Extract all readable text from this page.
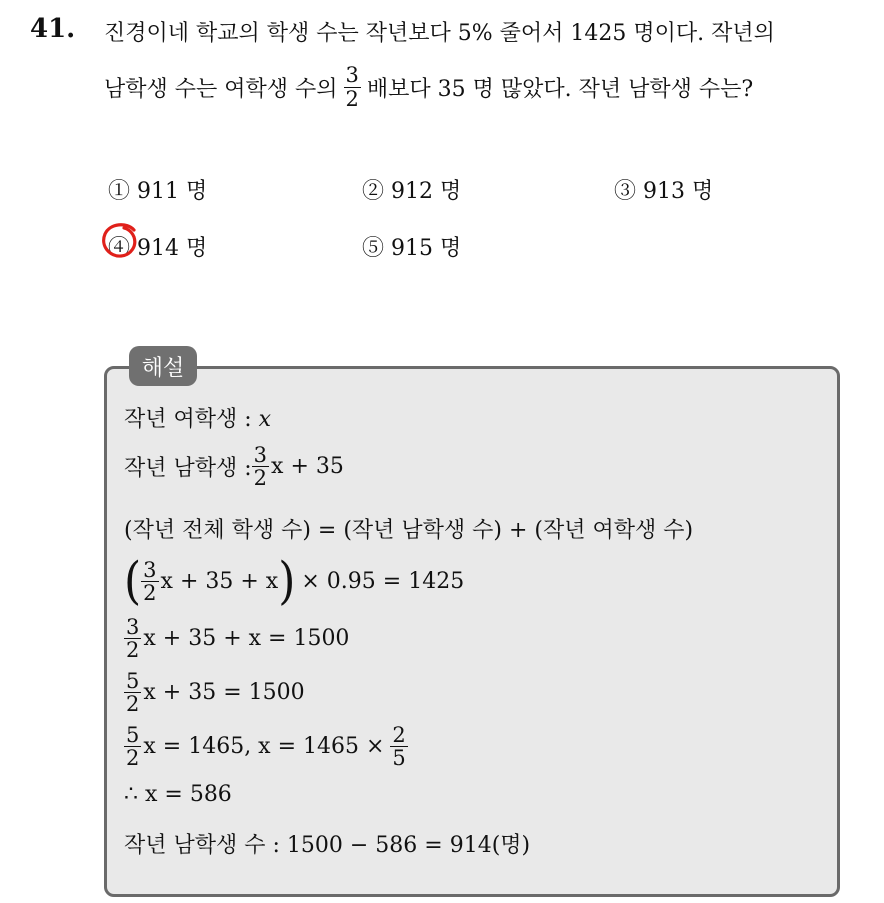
41. 진경이네 학교의 학생 수는 작년보다 5% 줄어서 1425 명이다. 작년의
남학생 수는 여학생 수의 $\frac{3}{2}$ 배보다 35 명 많았다. 작년 남학생 수는?
① 911 명	② 912 명	③ 913 명
④ 914 명	⑤ 915 명
해설
작년 여학생 : x
작년 남학생 : $\frac{3}{2}$ x + 35
(작년 전체 학생 수) = (작년 남학생 수) + (작년 여학생 수)
( $\frac{3}{2}$ x + 35 + x ) × 0.95 = 1425
$\frac{3}{2}$ x + 35 + x = 1500
$\frac{5}{2}$ x + 35 = 1500
$\frac{5}{2}$ x = 1465, $x = 1465 \times \frac{2}{5}$
∴ x = 586
작년 남학생 수 : 1500 − 586 = 914(명)
